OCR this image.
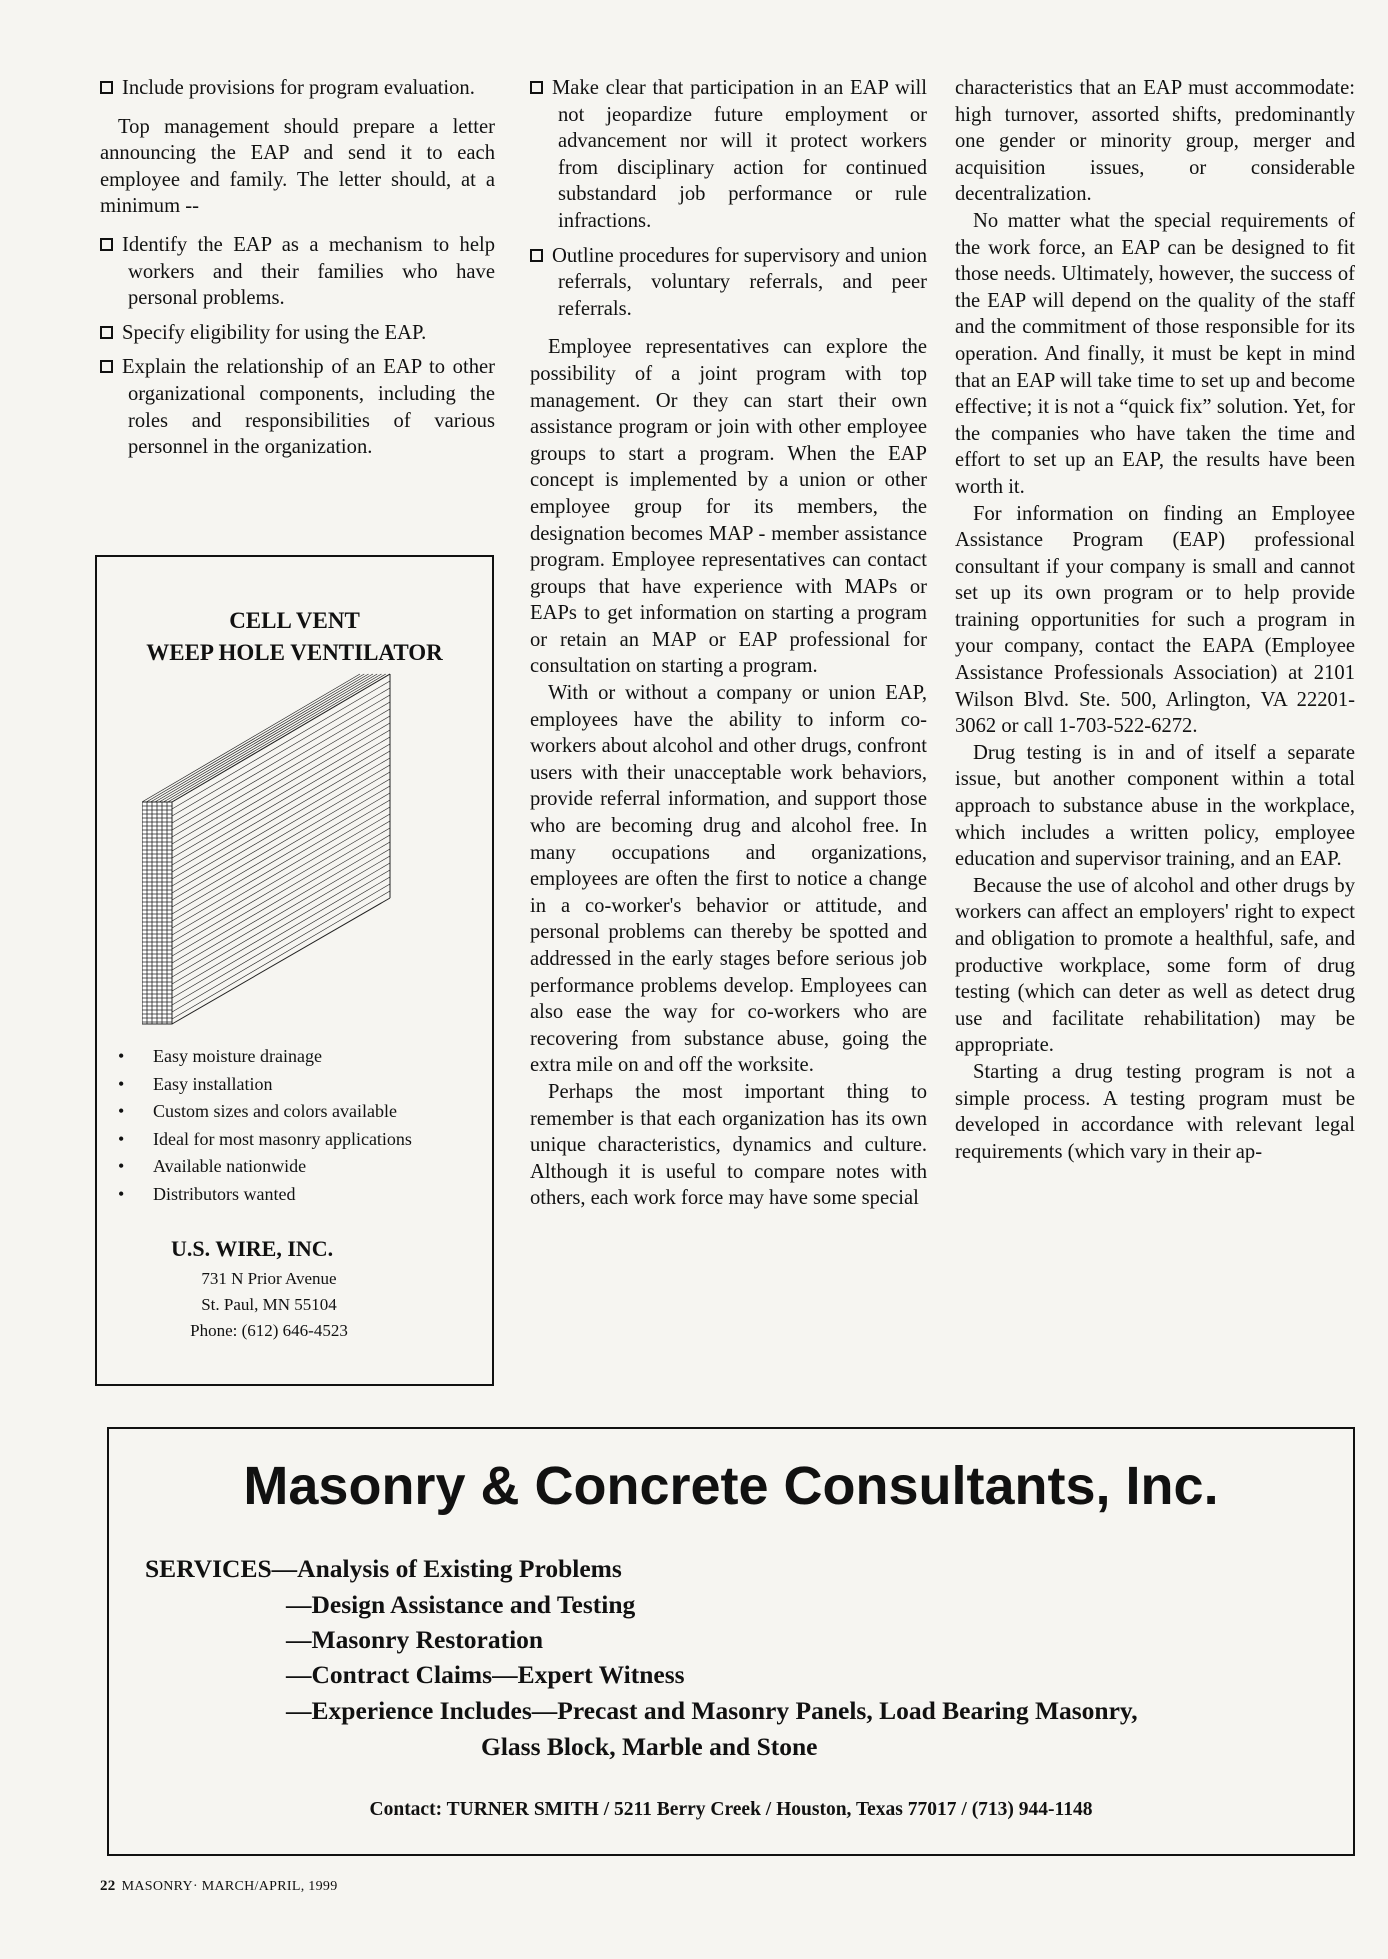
Include provisions for program evaluation.

Top management should prepare a letter announcing the EAP and send it to each employee and family. The letter should, at a minimum --

Identify the EAP as a mechanism to help workers and their families who have personal problems.

Specify eligibility for using the EAP.

Explain the relationship of an EAP to other organizational components, including the roles and responsibilities of various personnel in the organization.

Make clear that participation in an EAP will not jeopardize future employment or advancement nor will it protect workers from disciplinary action for continued substandard job performance or rule infractions.

Outline procedures for supervisory and union referrals, voluntary referrals, and peer referrals.

Employee representatives can explore the possibility of a joint program with top management. Or they can start their own assistance program or join with other employee groups to start a program. When the EAP concept is implemented by a union or other employee group for its members, the designation becomes MAP - member assistance program. Employee representatives can contact groups that have experience with MAPs or EAPs to get information on starting a program or retain an MAP or EAP professional for consultation on starting a program.

With or without a company or union EAP, employees have the ability to inform co-workers about alcohol and other drugs, confront users with their unacceptable work behaviors, provide referral information, and support those who are becoming drug and alcohol free. In many occupations and organizations, employees are often the first to notice a change in a co-worker's behavior or attitude, and personal problems can thereby be spotted and addressed in the early stages before serious job performance problems develop. Employees can also ease the way for co-workers who are recovering from substance abuse, going the extra mile on and off the worksite.

Perhaps the most important thing to remember is that each organization has its own unique characteristics, dynamics and culture. Although it is useful to compare notes with others, each work force may have some special

characteristics that an EAP must accommodate: high turnover, assorted shifts, predominantly one gender or minority group, merger and acquisition issues, or considerable decentralization.

No matter what the special requirements of the work force, an EAP can be designed to fit those needs. Ultimately, however, the success of the EAP will depend on the quality of the staff and the commitment of those responsible for its operation. And finally, it must be kept in mind that an EAP will take time to set up and become effective; it is not a “quick fix” solution. Yet, for the companies who have taken the time and effort to set up an EAP, the results have been worth it.

For information on finding an Employee Assistance Program (EAP) professional consultant if your company is small and cannot set up its own program or to help provide training opportunities for such a program in your company, contact the EAPA (Employee Assistance Professionals Association) at 2101 Wilson Blvd. Ste. 500, Arlington, VA 22201-3062 or call 1-703-522-6272.

Drug testing is in and of itself a separate issue, but another component within a total approach to substance abuse in the workplace, which includes a written policy, employee education and supervisor training, and an EAP.

Because the use of alcohol and other drugs by workers can affect an employers' right to expect and obligation to promote a healthful, safe, and productive workplace, some form of drug testing (which can deter as well as detect drug use and facilitate rehabilitation) may be appropriate.

Starting a drug testing program is not a simple process. A testing program must be developed in accordance with relevant legal requirements (which vary in their ap-

CELL VENT
WEEP HOLE VENTILATOR
• Easy moisture drainage
• Easy installation
• Custom sizes and colors available
• Ideal for most masonry applications
• Available nationwide
• Distributors wanted
U.S. WIRE, INC.
731 N Prior Avenue
St. Paul, MN 55104
Phone: (612) 646-4523
Masonry & Concrete Consultants, Inc.
SERVICES—Analysis of Existing Problems
—Design Assistance and Testing
—Masonry Restoration
—Contract Claims—Expert Witness
—Experience Includes—Precast and Masonry Panels, Load Bearing Masonry,
Glass Block, Marble and Stone
Contact: TURNER SMITH / 5211 Berry Creek / Houston, Texas 77017 / (713) 944-1148
22 MASONRY· MARCH/APRIL, 1999
